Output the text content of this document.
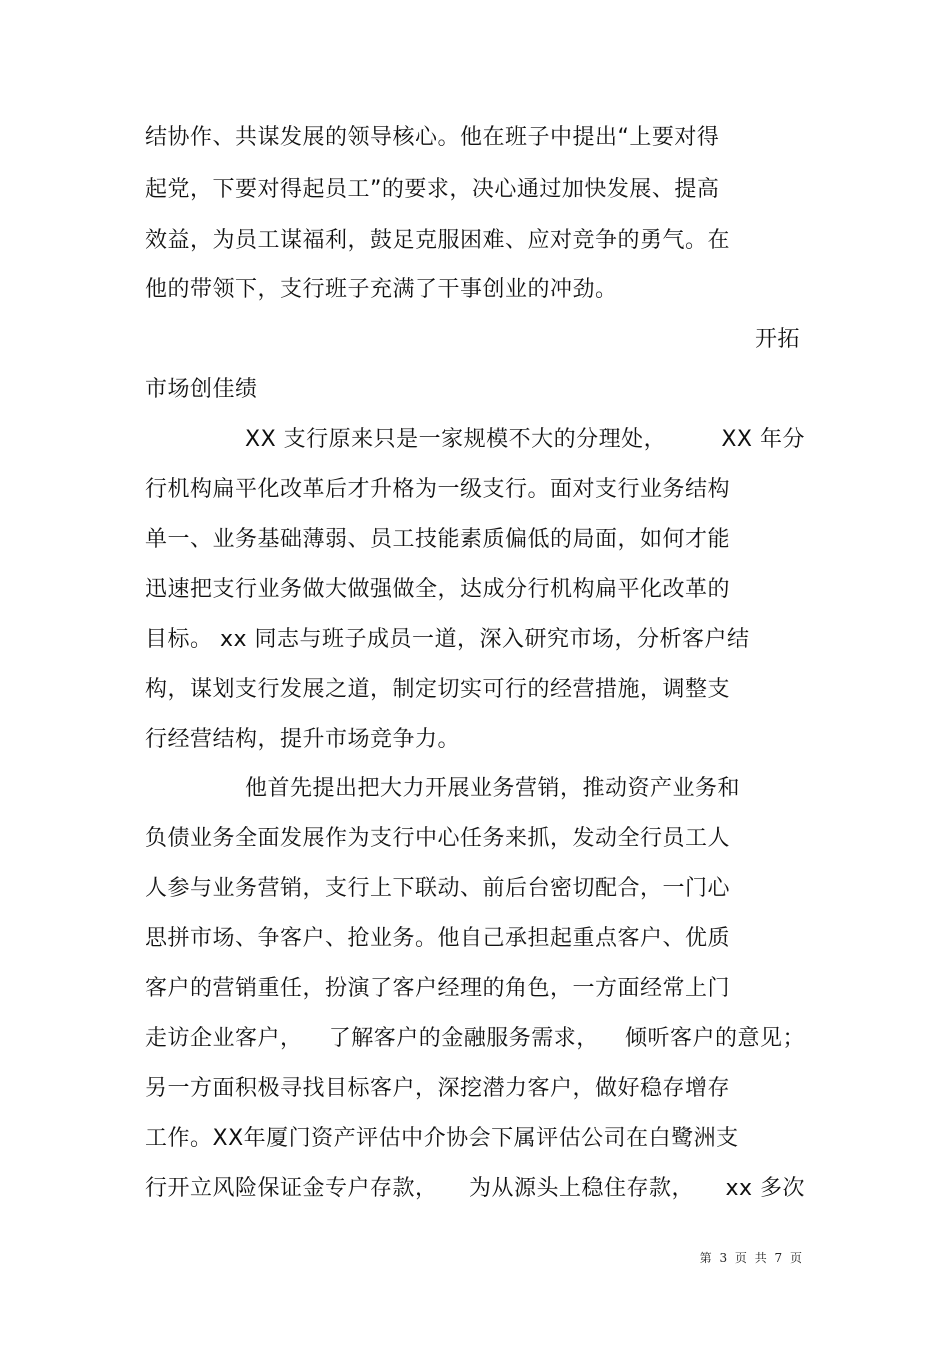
结协作、共谋发展的领导核心。他在班子中提出“上要对得
起党，下要对得起员工”的要求，决心通过加快发展、提高
效益，为员工谋福利，鼓足克服困难、应对竞争的勇气。在
他的带领下，支行班子充满了干事创业的冲劲。
开拓
市场创佳绩
XX 支行原来只是一家规模不大的分理处，	XX 年分
行机构扁平化改革后才升格为一级支行。面对支行业务结构
单一、业务基础薄弱、员工技能素质偏低的局面，如何才能
迅速把支行业务做大做强做全，达成分行机构扁平化改革的
目标。 xx 同志与班子成员一道，深入研究市场，分析客户结
构，谋划支行发展之道，制定切实可行的经营措施，调整支
行经营结构，提升市场竞争力。
他首先提出把大力开展业务营销，推动资产业务和
负债业务全面发展作为支行中心任务来抓，发动全行员工人
人参与业务营销，支行上下联动、前后台密切配合，一门心
思拼市场、争客户、抢业务。他自己承担起重点客户、优质
客户的营销重任，扮演了客户经理的角色，一方面经常上门
走访企业客户， 了解客户的金融服务需求， 倾听客户的意见；
另一方面积极寻找目标客户，深挖潜力客户，做好稳存增存
工作。XX年厦门资产评估中介协会下属评估公司在白鹭洲支
行开立风险保证金专户存款， 为从源头上稳住存款， xx 多次
第 3 页 共 7 页
